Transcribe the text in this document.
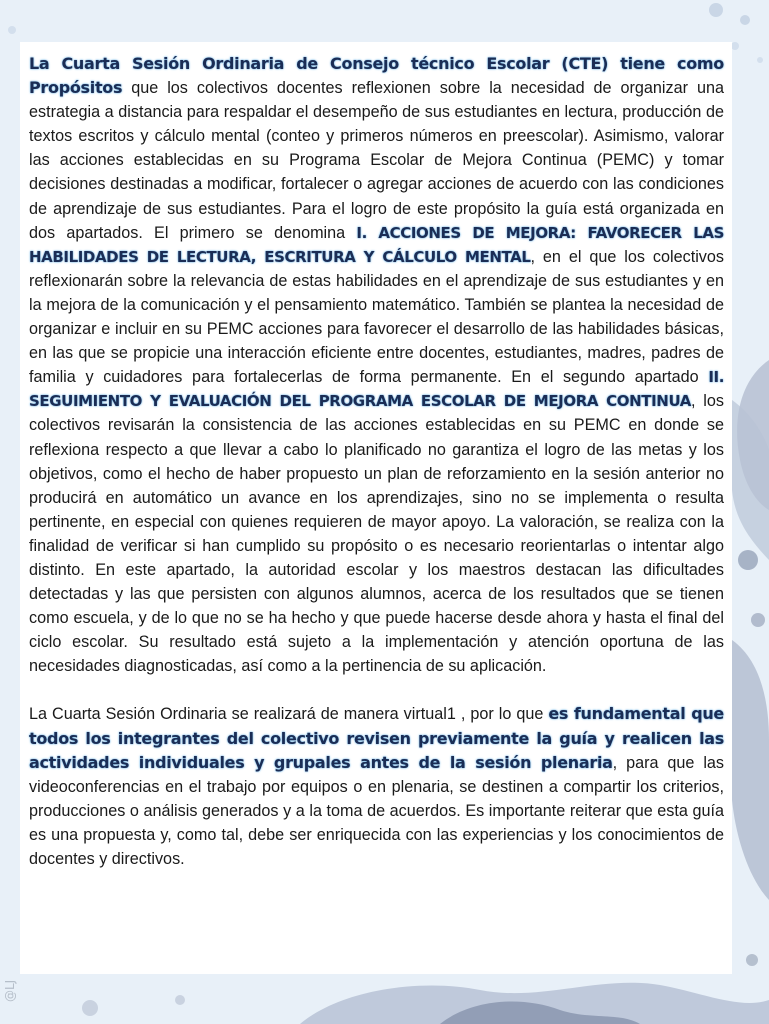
La Cuarta Sesión Ordinaria de Consejo técnico Escolar (CTE) tiene como Propósitos que los colectivos docentes reflexionen sobre la necesidad de organizar una estrategia a distancia para respaldar el desempeño de sus estudiantes en lectura, producción de textos escritos y cálculo mental (conteo y primeros números en preescolar). Asimismo, valorar las acciones establecidas en su Programa Escolar de Mejora Continua (PEMC) y tomar decisiones destinadas a modificar, fortalecer o agregar acciones de acuerdo con las condiciones de aprendizaje de sus estudiantes. Para el logro de este propósito la guía está organizada en dos apartados. El primero se denomina I. ACCIONES DE MEJORA: FAVORECER LAS HABILIDADES DE LECTURA, ESCRITURA Y CÁLCULO MENTAL, en el que los colectivos reflexionarán sobre la relevancia de estas habilidades en el aprendizaje de sus estudiantes y en la mejora de la comunicación y el pensamiento matemático. También se plantea la necesidad de organizar e incluir en su PEMC acciones para favorecer el desarrollo de las habilidades básicas, en las que se propicie una interacción eficiente entre docentes, estudiantes, madres, padres de familia y cuidadores para fortalecerlas de forma permanente. En el segundo apartado II. SEGUIMIENTO Y EVALUACIÓN DEL PROGRAMA ESCOLAR DE MEJORA CONTINUA, los colectivos revisarán la consistencia de las acciones establecidas en su PEMC en donde se reflexiona respecto a que llevar a cabo lo planificado no garantiza el logro de las metas y los objetivos, como el hecho de haber propuesto un plan de reforzamiento en la sesión anterior no producirá en automático un avance en los aprendizajes, sino no se implementa o resulta pertinente, en especial con quienes requieren de mayor apoyo. La valoración, se realiza con la finalidad de verificar si han cumplido su propósito o es necesario reorientarlas o intentar algo distinto. En este apartado, la autoridad escolar y los maestros destacan las dificultades detectadas y las que persisten con algunos alumnos, acerca de los resultados que se tienen como escuela, y de lo que no se ha hecho y que puede hacerse desde ahora y hasta el final del ciclo escolar. Su resultado está sujeto a la implementación y atención oportuna de las necesidades diagnosticadas, así como a la pertinencia de su aplicación.

La Cuarta Sesión Ordinaria se realizará de manera virtual1 , por lo que es fundamental que todos los integrantes del colectivo revisen previamente la guía y realicen las actividades individuales y grupales antes de la sesión plenaria, para que las videoconferencias en el trabajo por equipos o en plenaria, se destinen a compartir los criterios, producciones o análisis generados y a la toma de acuerdos. Es importante reiterar que esta guía es una propuesta y, como tal, debe ser enriquecida con las experiencias y los conocimientos de docentes y directivos.

@LJ
